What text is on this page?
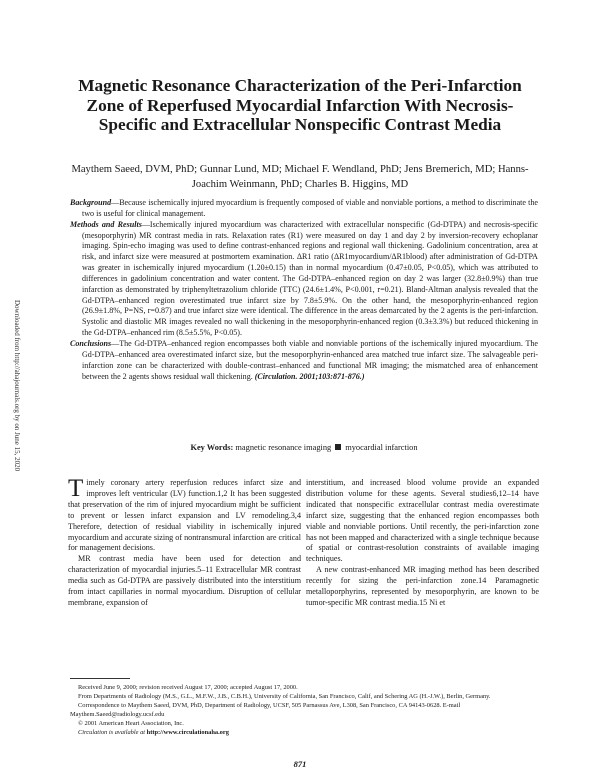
Magnetic Resonance Characterization of the Peri-Infarction Zone of Reperfused Myocardial Infarction With Necrosis-Specific and Extracellular Nonspecific Contrast Media
Maythem Saeed, DVM, PhD; Gunnar Lund, MD; Michael F. Wendland, PhD; Jens Bremerich, MD; Hanns-Joachim Weinmann, PhD; Charles B. Higgins, MD

Background—Because ischemically injured myocardium is frequently composed of viable and nonviable portions, a method to discriminate the two is useful for clinical management.

Methods and Results—Ischemically injured myocardium was characterized with extracellular nonspecific (Gd-DTPA) and necrosis-specific (mesoporphyrin) MR contrast media in rats. Relaxation rates (R1) were measured on day 1 and day 2 by inversion-recovery echoplanar imaging. Spin-echo imaging was used to define contrast-enhanced regions and regional wall thickening. Gadolinium concentration, area at risk, and infarct size were measured at postmortem examination. ΔR1 ratio (ΔR1myocardium/ΔR1blood) after administration of Gd-DTPA was greater in ischemically injured myocardium (1.20±0.15) than in normal myocardium (0.47±0.05, P<0.05), which was attributed to differences in gadolinium concentration and water content. The Gd-DTPA–enhanced region on day 2 was larger (32.8±0.9%) than true infarction as demonstrated by triphenyltetrazolium chloride (TTC) (24.6±1.4%, P<0.001, r=0.21). Bland-Altman analysis revealed that the Gd-DTPA–enhanced region overestimated true infarct size by 7.8±5.9%. On the other hand, the mesoporphyrin-enhanced region (26.9±1.8%, P=NS, r=0.87) and true infarct size were identical. The difference in the areas demarcated by the 2 agents is the peri-infarction. Systolic and diastolic MR images revealed no wall thickening in the mesoporphyrin-enhanced region (0.3±3.3%) but reduced thickening in the Gd-DTPA–enhanced rim (8.5±5.5%, P<0.05).

Conclusions—The Gd-DTPA–enhanced region encompasses both viable and nonviable portions of the ischemically injured myocardium. The Gd-DTPA–enhanced area overestimated infarct size, but the mesoporphyrin-enhanced area matched true infarct size. The salvageable peri-infarction zone can be characterized with double-contrast–enhanced and functional MR imaging; the mismatched area of enhancement between the 2 agents shows residual wall thickening. (Circulation. 2001;103:871-876.)

Key Words: magnetic resonance imaging myocardial infarction

Timely coronary artery reperfusion reduces infarct size and improves left ventricular (LV) function.1,2 It has been suggested that preservation of the rim of injured myocardium might be sufficient to prevent or lessen infarct expansion and LV remodeling.3,4 Therefore, detection of residual viability in ischemically injured myocardium and accurate sizing of nontransmural infarction are critical for management decisions.

MR contrast media have been used for detection and characterization of myocardial injuries.5–11 Extracellular MR contrast media such as Gd-DTPA are passively distributed into the interstitium from intact capillaries in normal myocardium. Disruption of cellular membrane, expansion of

interstitium, and increased blood volume provide an expanded distribution volume for these agents. Several studies6,12–14 have indicated that nonspecific extracellular contrast media overestimate infarct size, suggesting that the enhanced region encompasses both viable and nonviable portions. Until recently, the peri-infarction zone has not been mapped and characterized with a single technique because of spatial or contrast-resolution constraints of available imaging techniques.

A new contrast-enhanced MR imaging method has been described recently for sizing the peri-infarction zone.14 Paramagnetic metalloporphyrins, represented by mesoporphyrin, are known to be tumor-specific MR contrast media.15 Ni et

Received June 9, 2000; revision received August 17, 2000; accepted August 17, 2000.

From Departments of Radiology (M.S., G.L., M.F.W., J.B., C.B.H.), University of California, San Francisco, Calif, and Schering AG (H.-J.W.), Berlin, Germany.

Correspondence to Maythem Saeed, DVM, PhD, Department of Radiology, UCSF, 505 Parnassus Ave, L308, San Francisco, CA 94143-0628. E-mail Maythem.Saeed@radiology.ucsf.edu

© 2001 American Heart Association, Inc.

Circulation is available at http://www.circulationaha.org

871
Downloaded from http://ahajournals.org by on June 15, 2020
